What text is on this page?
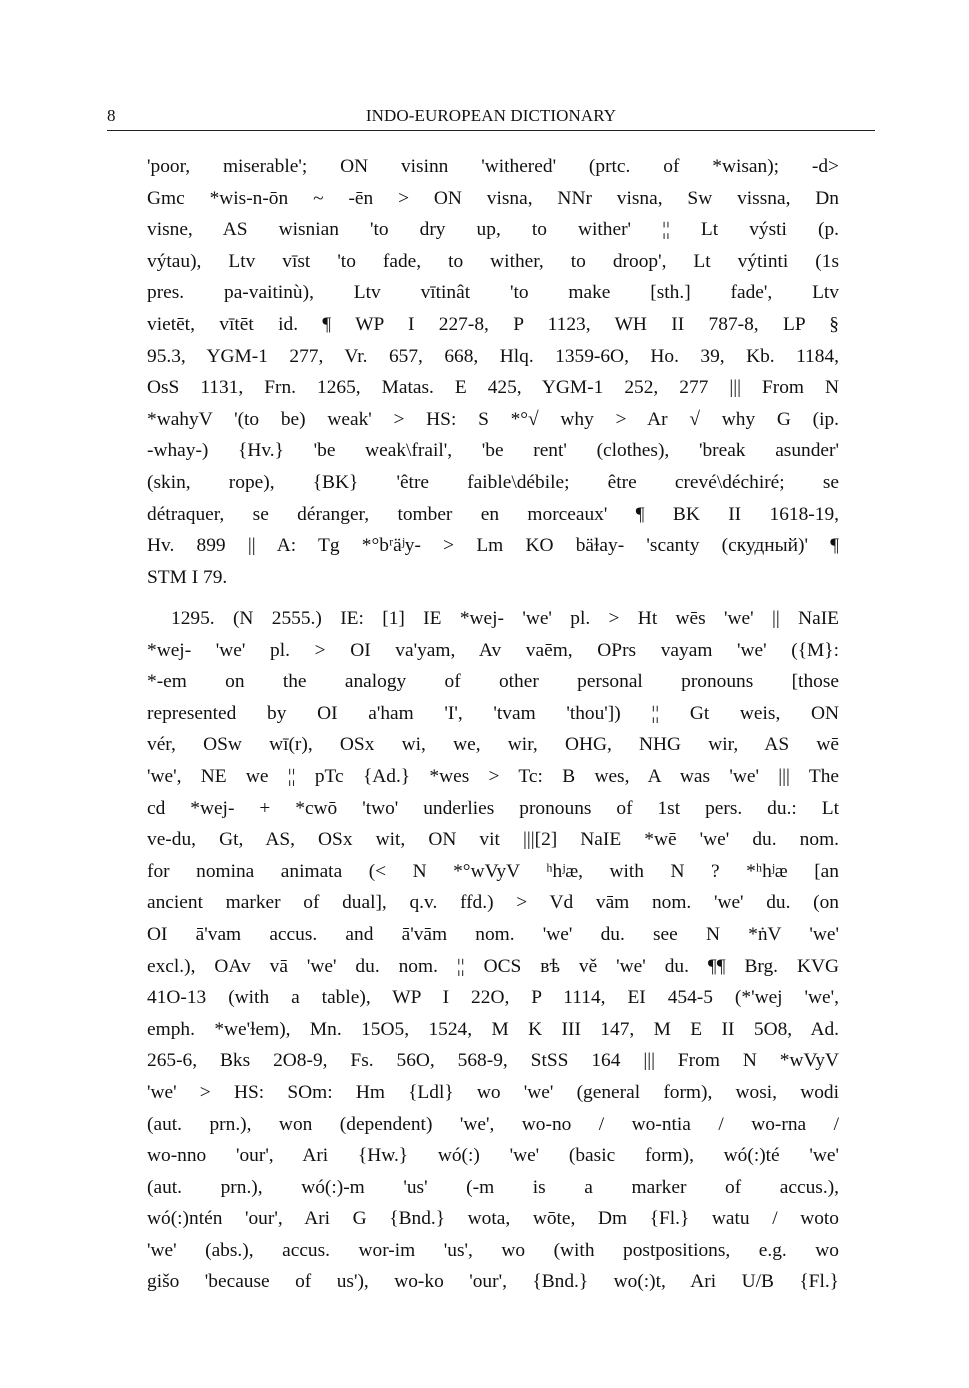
8	INDO-EUROPEAN DICTIONARY
'poor, miserable'; ON visinn 'withered' (prtc. of *wisan); -d>
Gmc *wis-n-ōn ~ -ēn > ON visna, NNr visna, Sw vissna, Dn
visne, AS wisnian 'to dry up, to wither' ¦¦ Lt výsti (p.
výtau), Ltv vīst 'to fade, to wither, to droop', Lt výtinti (1s
pres. pa-vaitinù), Ltv vītinât 'to make [sth.] fade', Ltv
vietēt, vītēt id. ¶ WP I 227-8, P 1123, WH II 787-8, LP §
95.3, YGM-1 277, Vr. 657, 668, Hlq. 1359-6O, Ho. 39, Kb. 1184,
OsS 1131, Frn. 1265, Matas. E 425, YGM-1 252, 277 ||| From N
*wahyV '(to be) weak' > HS: S *°√ why > Ar √ why G (ip.
-whay-) {Hv.} 'be weak\frail', 'be rent' (clothes), 'break asunder'
(skin, rope), {BK} 'être faible\débile; être crevé\déchiré; se
détraquer, se déranger, tomber en morceaux' ¶ BK II 1618-19,
Hv. 899 || A: Tg *°bʳäʲy- > Lm KO bäɫay- 'scanty (скудный)' ¶
STM I 79.
1295. (N 2555.) IE: [1] IE *wej- 'we' pl. > Ht wēs 'we' || NaIE
*wej- 'we' pl. > OI va'yam, Av vaēm, OPrs vayam 'we' ({M}:
*-em on the analogy of other personal pronouns [those
represented by OI a'ham 'I', 'tvam 'thou']) ¦¦ Gt weis, ON
vér, OSw wī(r), OSx wi, we, wir, OHG, NHG wir, AS wē
'we', NE we ¦¦ pTc {Ad.} *wes > Tc: B wes, A was 'we' ||| The
cd *wej- + *cwō 'two' underlies pronouns of 1st pers. du.: Lt
ve-du, Gt, AS, OSx wit, ON vit |||[2] NaIE *wē 'we' du. nom.
for nomina animata (< N *°wVyV ʰhʲæ, with N ? *ʰhʲæ [an
ancient marker of dual], q.v. ffd.) > Vd vām nom. 'we' du. (on
OI ā'vam accus. and ā'vām nom. 'we' du. see N *ṅV 'we'
excl.), OAv vā 'we' du. nom. ¦¦ OCS вѣ vě 'we' du. ¶¶ Brg. KVG
41O-13 (with a table), WP I 22O, P 1114, EI 454-5 (*'wej 'we',
emph. *we'ɫem), Mn. 15O5, 1524, M K III 147, M E II 5O8, Ad.
265-6, Bks 2O8-9, Fs. 56O, 568-9, StSS 164 ||| From N *wVyV
'we' > HS: SOm: Hm {Ldl} wo 'we' (general form), wosi, wodi
(aut. prn.), won (dependent) 'we', wo-no / wo-ntia / wo-rna /
wo-nno 'our', Ari {Hw.} wó(:) 'we' (basic form), wó(:)té 'we'
(aut. prn.), wó(:)-m 'us' (-m is a marker of accus.),
wó(:)ntén 'our', Ari G {Bnd.} wota, wōte, Dm {Fl.} watu / woto
'we' (abs.), accus. wor-im 'us', wo (with postpositions, e.g. wo
gišo 'because of us'), wo-ko 'our', {Bnd.} wo(:)t, Ari U/B {Fl.}
